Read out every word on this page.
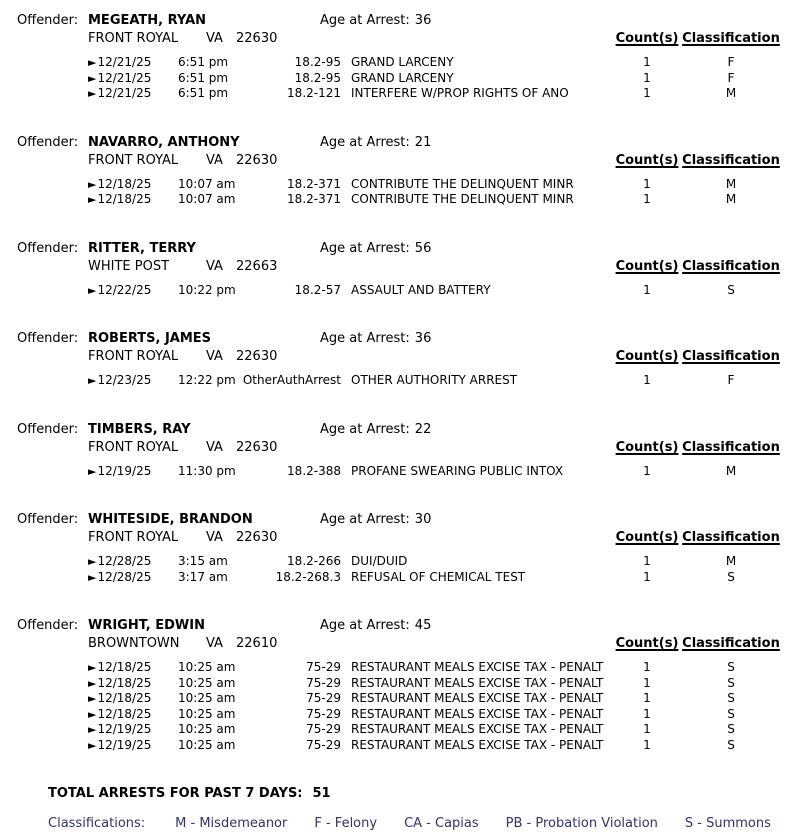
Offender: MEGEATH, RYAN	Age at Arrest: 36
FRONT ROYAL	VA	22630	Count(s) Classification
►12/21/25	6:51 pm	18.2-95 GRAND LARCENY	1	F
►12/21/25	6:51 pm	18.2-95 GRAND LARCENY	1	F
►12/21/25	6:51 pm	18.2-121 INTERFERE W/PROP RIGHTS OF ANO	1	M
Offender: NAVARRO, ANTHONY	Age at Arrest: 21
FRONT ROYAL	VA	22630	Count(s) Classification
►12/18/25	10:07 am	18.2-371 CONTRIBUTE THE DELINQUENT MINR	1	M
►12/18/25	10:07 am	18.2-371 CONTRIBUTE THE DELINQUENT MINR	1	M
Offender: RITTER, TERRY	Age at Arrest: 56
WHITE POST	VA	22663	Count(s) Classification
►12/22/25	10:22 pm	18.2-57 ASSAULT AND BATTERY	1	S
Offender: ROBERTS, JAMES	Age at Arrest: 36
FRONT ROYAL	VA	22630	Count(s) Classification
►12/23/25	12:22 pm OtherAuthArrest OTHER AUTHORITY ARREST	1	F
Offender: TIMBERS, RAY	Age at Arrest: 22
FRONT ROYAL	VA	22630	Count(s) Classification
►12/19/25	11:30 pm	18.2-388 PROFANE SWEARING PUBLIC INTOX	1	M
Offender: WHITESIDE, BRANDON	Age at Arrest: 30
FRONT ROYAL	VA	22630	Count(s) Classification
►12/28/25	3:15 am	18.2-266 DUI/DUID	1	M
►12/28/25	3:17 am	18.2-268.3 REFUSAL OF CHEMICAL TEST	1	S
Offender: WRIGHT, EDWIN	Age at Arrest: 45
BROWNTOWN	VA	22610	Count(s) Classification
►12/18/25	10:25 am	75-29 RESTAURANT MEALS EXCISE TAX - PENALT	1	S
►12/18/25	10:25 am	75-29 RESTAURANT MEALS EXCISE TAX - PENALT	1	S
►12/18/25	10:25 am	75-29 RESTAURANT MEALS EXCISE TAX - PENALT	1	S
►12/18/25	10:25 am	75-29 RESTAURANT MEALS EXCISE TAX - PENALT	1	S
►12/19/25	10:25 am	75-29 RESTAURANT MEALS EXCISE TAX - PENALT	1	S
►12/19/25	10:25 am	75-29 RESTAURANT MEALS EXCISE TAX - PENALT	1	S
TOTAL ARRESTS FOR PAST 7 DAYS: 51
Classifications: M - Misdemeanor F - Felony CA - Capias PB - Probation Violation S - Summons
